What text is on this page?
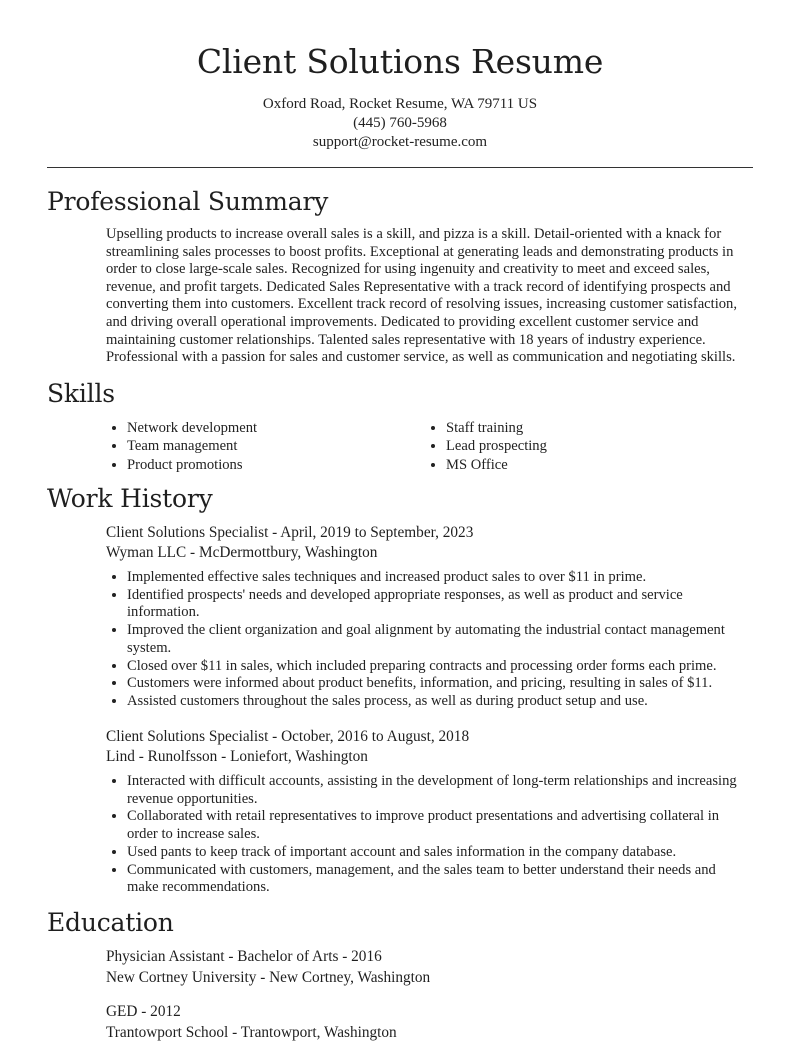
Client Solutions Resume
Oxford Road, Rocket Resume, WA 79711 US
(445) 760-5968
support@rocket-resume.com
Professional Summary
Upselling products to increase overall sales is a skill, and pizza is a skill. Detail-oriented with a knack for streamlining sales processes to boost profits. Exceptional at generating leads and demonstrating products in order to close large-scale sales. Recognized for using ingenuity and creativity to meet and exceed sales, revenue, and profit targets. Dedicated Sales Representative with a track record of identifying prospects and converting them into customers. Excellent track record of resolving issues, increasing customer satisfaction, and driving overall operational improvements. Dedicated to providing excellent customer service and maintaining customer relationships. Talented sales representative with 18 years of industry experience. Professional with a passion for sales and customer service, as well as communication and negotiating skills.
Skills
• Network development
• Team management
• Product promotions
• Staff training
• Lead prospecting
• MS Office
Work History
Client Solutions Specialist - April, 2019 to September, 2023
Wyman LLC - McDermottbury, Washington
• Implemented effective sales techniques and increased product sales to over $11 in prime.
• Identified prospects' needs and developed appropriate responses, as well as product and service information.
• Improved the client organization and goal alignment by automating the industrial contact management system.
• Closed over $11 in sales, which included preparing contracts and processing order forms each prime.
• Customers were informed about product benefits, information, and pricing, resulting in sales of $11.
• Assisted customers throughout the sales process, as well as during product setup and use.
Client Solutions Specialist - October, 2016 to August, 2018
Lind - Runolfsson - Loniefort, Washington
• Interacted with difficult accounts, assisting in the development of long-term relationships and increasing revenue opportunities.
• Collaborated with retail representatives to improve product presentations and advertising collateral in order to increase sales.
• Used pants to keep track of important account and sales information in the company database.
• Communicated with customers, management, and the sales team to better understand their needs and make recommendations.
Education
Physician Assistant - Bachelor of Arts - 2016
New Cortney University - New Cortney, Washington
GED - 2012
Trantowport School - Trantowport, Washington
